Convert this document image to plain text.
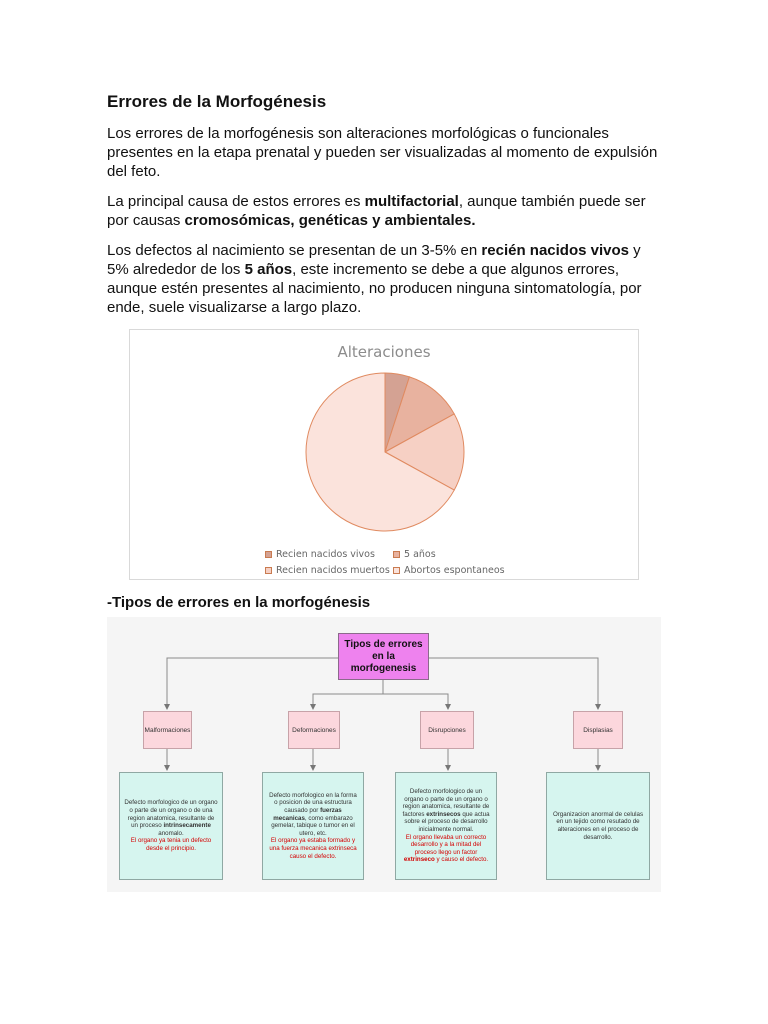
Errores de la Morfogénesis

Los errores de la morfogénesis son alteraciones morfológicas o funcionales presentes en la etapa prenatal y pueden ser visualizadas al momento de expulsión del feto.

La principal causa de estos errores es multifactorial, aunque también puede ser por causas cromosómicas, genéticas y ambientales.

Los defectos al nacimiento se presentan de un 3-5% en recién nacidos vivos y 5% alrededor de los 5 años, este incremento se debe a que algunos errores, aunque estén presentes al nacimiento, no producen ninguna sintomatología, por ende, suele visualizarse a largo plazo.

Alteraciones
Recien nacidos vivos	5 años
Recien nacidos muertos Abortos espontaneos
-Tipos de errores en la morfogénesis
Tipos de errores en la morfogenesis
Malformaciones	Deformaciones	Disrupciones	Displasias
Defecto morfologico de un organo o parte de un organo o de una region anatomica, resultante de un proceso intrinsecamente anomalo.
El organo ya tenia un defecto desde el principio.
Defecto morfologico en la forma o posicion de una estructura causado por fuerzas mecanicas, como embarazo gemelar, tabique o tumor en el utero, etc.
El organo ya estaba formado y una fuerza mecanica extrinseca causo el defecto.
Defecto morfologico de un organo o parte de un organo o region anatomica, resultante de factores extrinsecos que actua sobre el proceso de desarrollo inicialmente normal.
El organo llevaba un correcto desarrollo y a la mitad del proceso llego un factor extrinseco y causo el defecto.
Organizacion anormal de celulas en un tejido como resutado de alteraciones en el proceso de desarrollo.
